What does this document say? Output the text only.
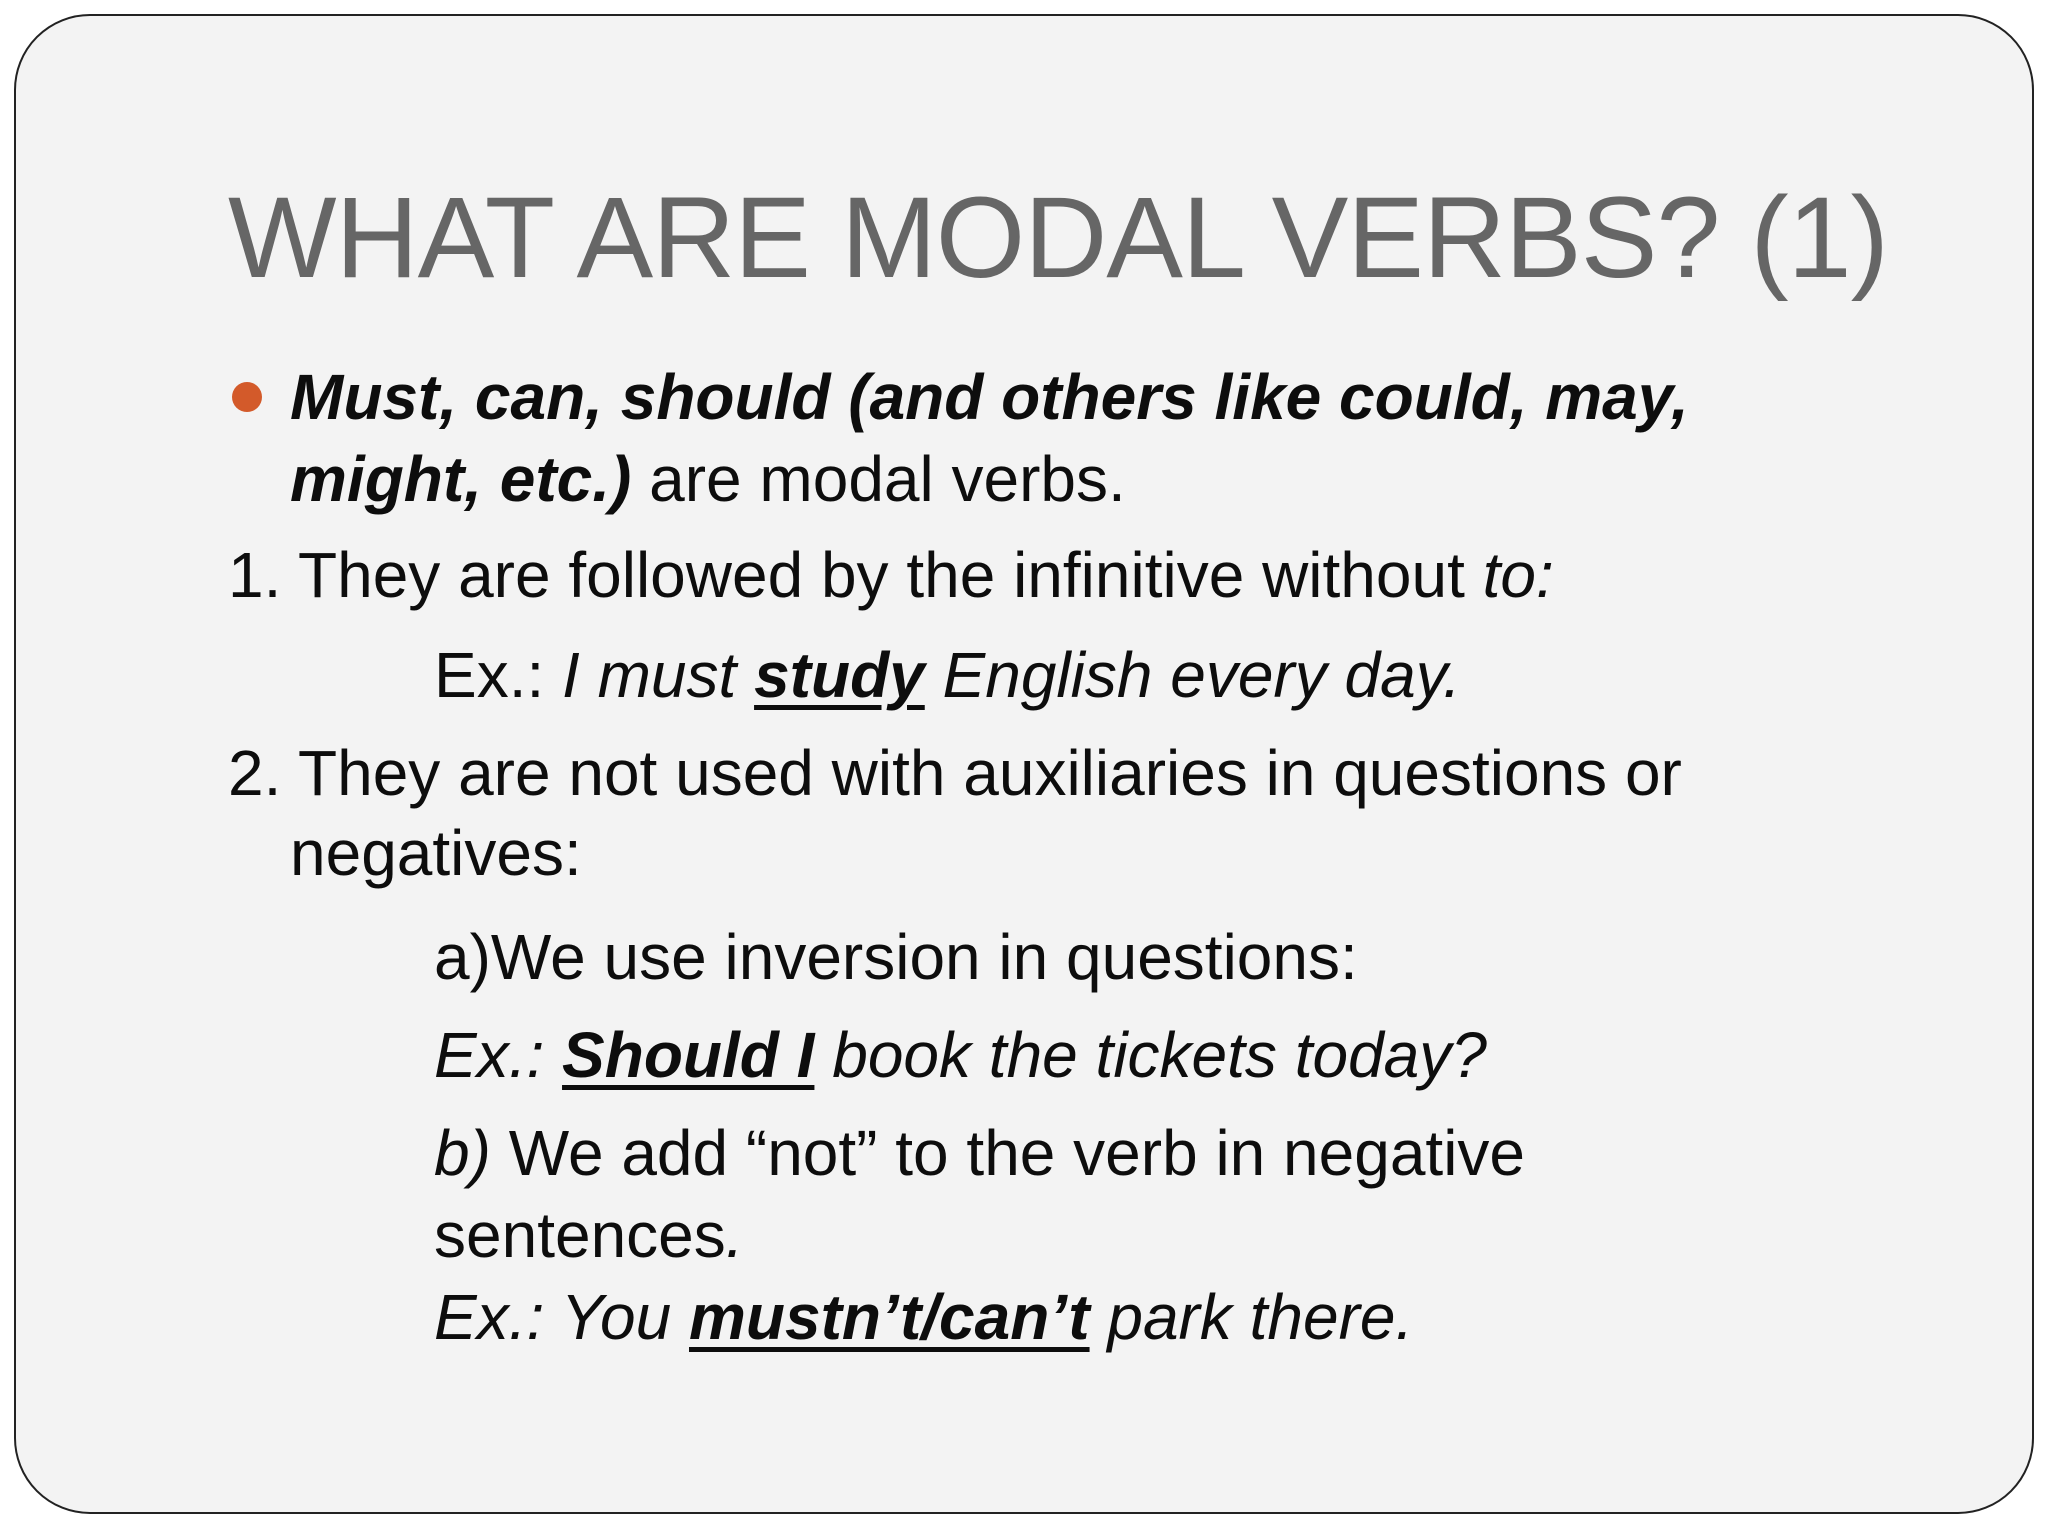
WHAT ARE MODAL VERBS? (1)
Must, can, should (and others like could, may,
might, etc.) are modal verbs.
1. They are followed by the infinitive without to:
Ex.: I must study English every day.
2. They are not used with auxiliaries in questions or
negatives:
a)We use inversion in questions:
Ex.: Should I book the tickets today?
b) We add “not” to the verb in negative
sentences.
Ex.: You mustn’t/can’t park there.
